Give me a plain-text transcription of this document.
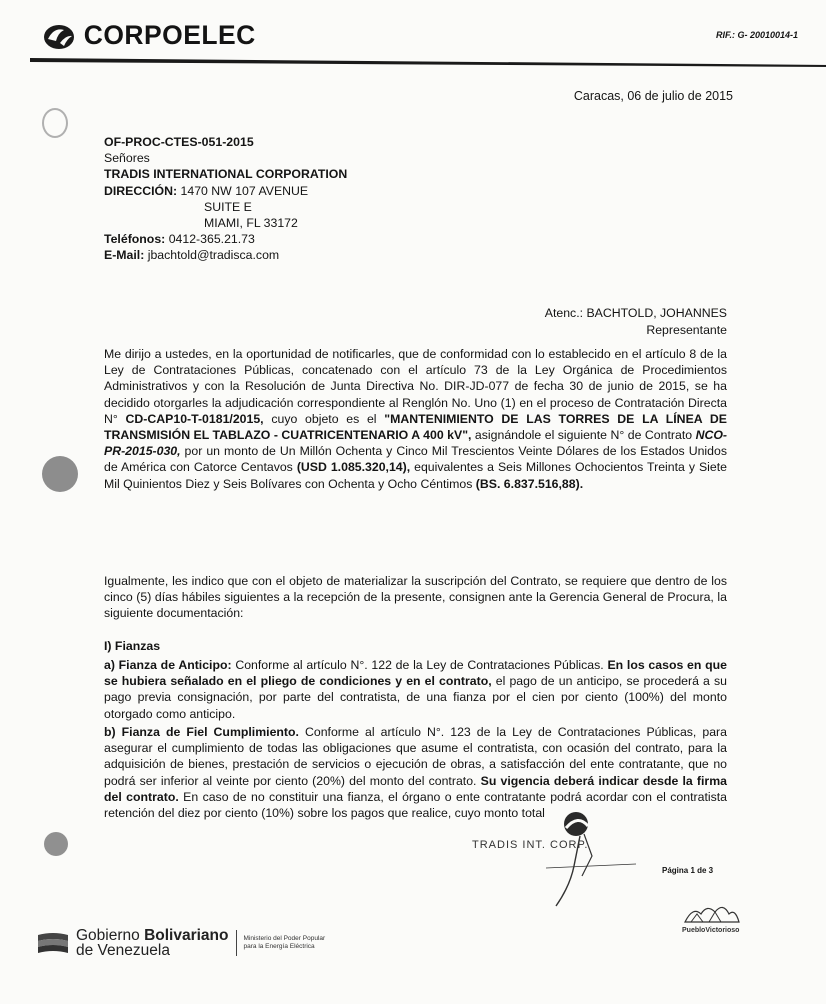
CORPOELEC	RIF.: G- 20010014-1
Caracas, 06 de julio de 2015
OF-PROC-CTES-051-2015
Señores
TRADIS INTERNATIONAL CORPORATION
DIRECCIÓN: 1470 NW 107 AVENUE
SUITE E
MIAMI, FL 33172
Teléfonos: 0412-365.21.73
E-Mail: jbachtold@tradisca.com
Atenc.: BACHTOLD, JOHANNES
Representante

Me dirijo a ustedes, en la oportunidad de notificarles, que de conformidad con lo establecido en el artículo 8 de la Ley de Contrataciones Públicas, concatenado con el artículo 73 de la Ley Orgánica de Procedimientos Administrativos y con la Resolución de Junta Directiva No. DIR-JD-077 de fecha 30 de junio de 2015, se ha decidido otorgarles la adjudicación correspondiente al Renglón No. Uno (1) en el proceso de Contratación Directa N° CD-CAP10-T-0181/2015, cuyo objeto es el "MANTENIMIENTO DE LAS TORRES DE LA LÍNEA DE TRANSMISIÓN EL TABLAZO - CUATRICENTENARIO A 400 kV", asignándole el siguiente N° de Contrato NCO-PR-2015-030, por un monto de Un Millón Ochenta y Cinco Mil Trescientos Veinte Dólares de los Estados Unidos de América con Catorce Centavos (USD 1.085.320,14), equivalentes a Seis Millones Ochocientos Treinta y Siete Mil Quinientos Diez y Seis Bolívares con Ochenta y Ocho Céntimos (BS. 6.837.516,88).

Igualmente, les indico que con el objeto de materializar la suscripción del Contrato, se requiere que dentro de los cinco (5) días hábiles siguientes a la recepción de la presente, consignen ante la Gerencia General de Procura, la siguiente documentación:

I) Fianzas

a) Fianza de Anticipo: Conforme al artículo N°. 122 de la Ley de Contrataciones Públicas. En los casos en que se hubiera señalado en el pliego de condiciones y en el contrato, el pago de un anticipo, se procederá a su pago previa consignación, por parte del contratista, de una fianza por el cien por ciento (100%) del monto otorgado como anticipo.

b) Fianza de Fiel Cumplimiento. Conforme al artículo N°. 123 de la Ley de Contrataciones Públicas, para asegurar el cumplimiento de todas las obligaciones que asume el contratista, con ocasión del contrato, para la adquisición de bienes, prestación de servicios o ejecución de obras, a satisfacción del ente contratante, que no podrá ser inferior al veinte por ciento (20%) del monto del contrato. Su vigencia deberá indicar desde la firma del contrato. En caso de no constituir una fianza, el órgano o ente contratante podrá acordar con el contratista retención del diez por ciento (10%) sobre los pagos que realice, cuyo monto total

TRADIS INT. CORP.
Página 1 de 3
Gobierno Bolivariano
de Venezuela
Ministerio del Poder Popular
para la Energía Eléctrica
PuebloVictorioso
